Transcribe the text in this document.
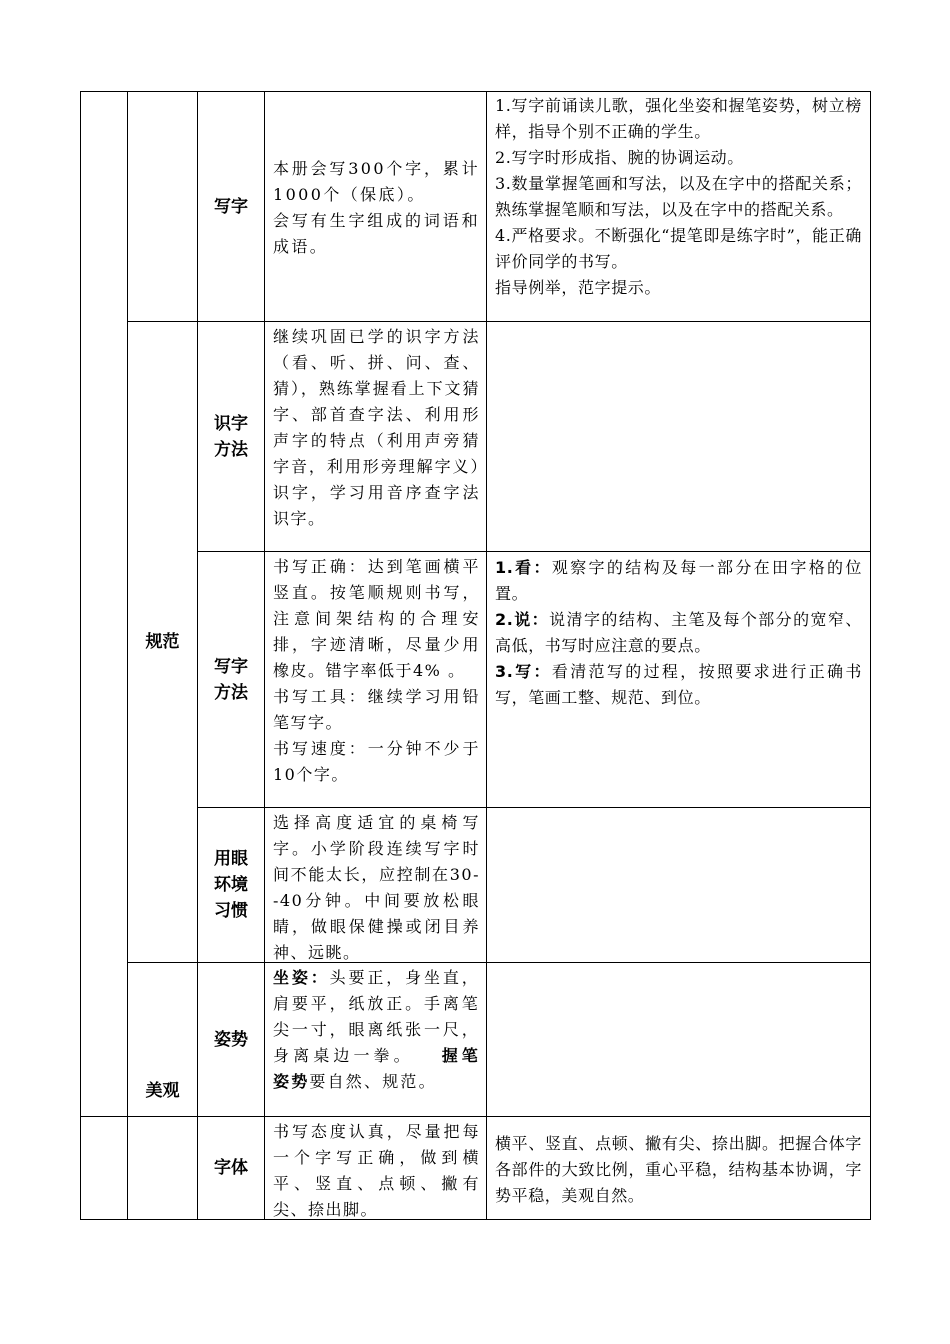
规范
美观
写字
本册会写300个字，累计1000个（保底）。
会写有生字组成的词语和成语。
1.写字前诵读儿歌，强化坐姿和握笔姿势，树立榜样，指导个别不正确的学生。
2.写字时形成指、腕的协调运动。
3.数量掌握笔画和写法，以及在字中的搭配关系；熟练掌握笔顺和写法，以及在字中的搭配关系。
4.严格要求。不断强化“提笔即是练字时”，能正确评价同学的书写。
指导例举，范字提示。
识字
方法
继续巩固已学的识字方法（看、听、拼、问、查、猜），熟练掌握看上下文猜字、部首查字法、利用形声字的特点（利用声旁猜字音，利用形旁理解字义）识字，学习用音序查字法识字。
写字
方法
书写正确：达到笔画横平竖直。按笔顺规则书写，注意间架结构的合理安排，字迹清晰，尽量少用橡皮。错字率低于4% 。
书写工具：继续学习用铅笔写字。
书写速度：一分钟不少于10个字。
1.看：观察字的结构及每一部分在田字格的位置。
2.说：说清字的结构、主笔及每个部分的宽窄、高低，书写时应注意的要点。
3.写：看清范写的过程，按照要求进行正确书写，笔画工整、规范、到位。
用眼
环境
习惯
选择高度适宜的桌椅写字。小学阶段连续写字时间不能太长，应控制在30--40分钟。中间要放松眼睛，做眼保健操或闭目养神、远眺。
姿势
坐姿：头要正，身坐直，肩要平，纸放正。手离笔尖一寸，眼离纸张一尺，身离桌边一拳。 握笔姿势要自然、规范。
字体
书写态度认真，尽量把每一个字写正确，做到横平、竖直、点顿、撇有尖、捺出脚。
横平、竖直、点顿、撇有尖、捺出脚。把握合体字各部件的大致比例，重心平稳，结构基本协调，字势平稳，美观自然。
